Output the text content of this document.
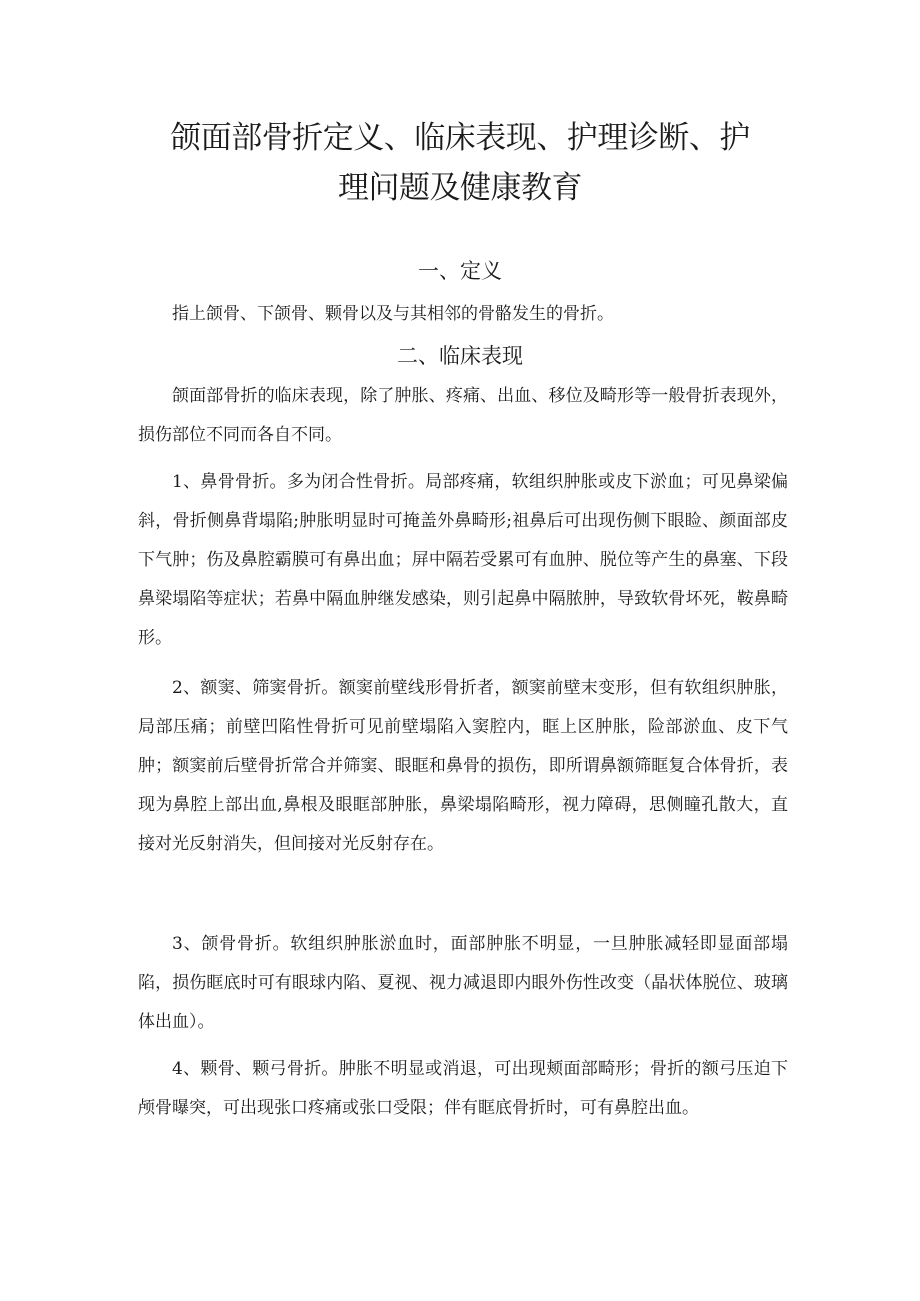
颌面部骨折定义、临床表现、护理诊断、护
理问题及健康教育
一、定义

指上颌骨、下颌骨、颗骨以及与其相邻的骨骼发生的骨折。

二、临床表现

颌面部骨折的临床表现，除了肿胀、疼痛、出血、移位及畸形等一般骨折表现外，损伤部位不同而各自不同。

1、鼻骨骨折。多为闭合性骨折。局部疼痛，软组织肿胀或皮下淤血；可见鼻梁偏斜，骨折侧鼻背塌陷;肿胀明显时可掩盖外鼻畸形;祖鼻后可出现伤侧下眼睑、颜面部皮下气肿；伤及鼻腔霸膜可有鼻出血；屏中隔若受累可有血肿、脱位等产生的鼻塞、下段鼻梁塌陷等症状；若鼻中隔血肿继发感染，则引起鼻中隔脓肿，导致软骨坏死，鞍鼻畸形。

2、额窦、筛窦骨折。额窦前壁线形骨折者，额窦前壁末变形，但有软组织肿胀，局部压痛；前壁凹陷性骨折可见前壁塌陷入窦腔内，眶上区肿胀，险部淤血、皮下气肿；额窦前后壁骨折常合并筛窦、眼眶和鼻骨的损伤，即所谓鼻额筛眶复合体骨折，表现为鼻腔上部出血,鼻根及眼眶部肿胀，鼻梁塌陷畸形，视力障碍，思侧瞳孔散大，直接对光反射消失，但间接对光反射存在。

3、颌骨骨折。软组织肿胀淤血时，面部肿胀不明显，一旦肿胀减轻即显面部塌陷，损伤眶底时可有眼球内陷、夏视、视力减退即内眼外伤性改变（晶状体脱位、玻璃体出血）。

4、颗骨、颗弓骨折。肿胀不明显或消退，可出现颊面部畸形；骨折的额弓压迫下颅骨曝突，可出现张口疼痛或张口受限；伴有眶底骨折时，可有鼻腔出血。
